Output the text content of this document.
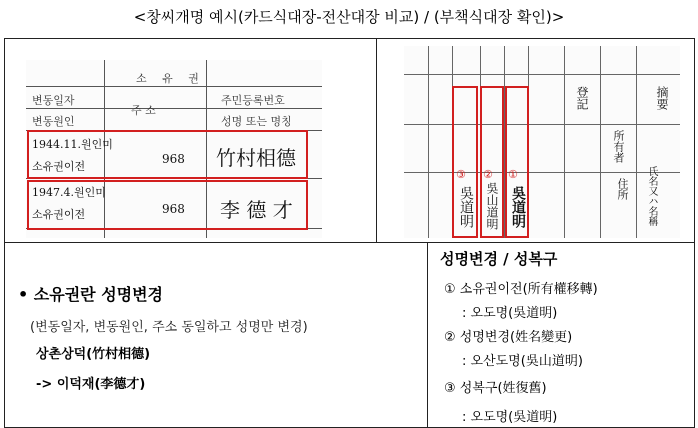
<창씨개명 예시(카드식대장-전산대장 비교) / (부책식대장 확인)>
소 유 권
변동일자
변동원인
주 소
주민등록번호
성명 또는 명칭
1944.11.원인미
소유권이전
968 竹村相德
1947.4.원인미
소유권이전	968 李 德 才
摘要
登記
所有者
住所 氏名又ハ名稱
③ ② ①
吳道明 吳山道明 吳道明
• 소유권란 성명변경
(변동일자, 변동원인, 주소 동일하고 성명만 변경)
상촌상덕(竹村相德)
-> 이덕재(李德才)
성명변경 / 성복구
① 소유권이전(所有權移轉)
: 오도명(吳道明)
② 성명변경(姓名變更)
: 오산도명(吳山道明)
③ 성복구(姓復舊)
: 오도명(吳道明)
